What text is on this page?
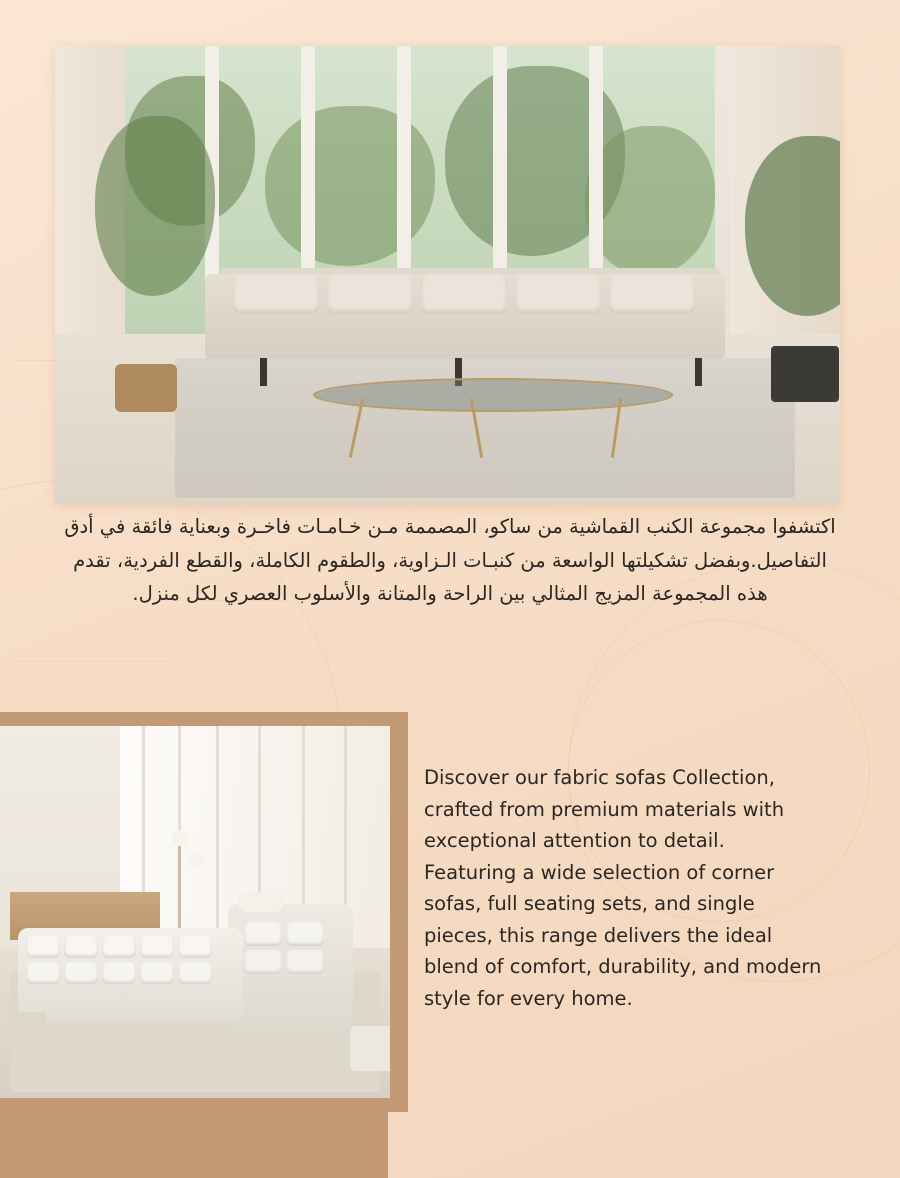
اكتشفوا مجموعة الكنب القماشية من ساكو، المصممة مـن خـامـات فاخـرة وبعناية فائقة في أدق التفاصيل.وبفضل تشكيلتها الواسعة من كنبـات الـزاوية، والطقوم الكاملة، والقطع الفردية، تقدم هذه المجموعة المزيج المثالي بين الراحة والمتانة والأسلوب العصري لكل منزل.

Discover our fabric sofas Collection, crafted from premium materials with exceptional attention to detail.

Featuring a wide selection of corner sofas, full seating sets, and single pieces, this range delivers the ideal blend of comfort, durability, and modern style for every home.
